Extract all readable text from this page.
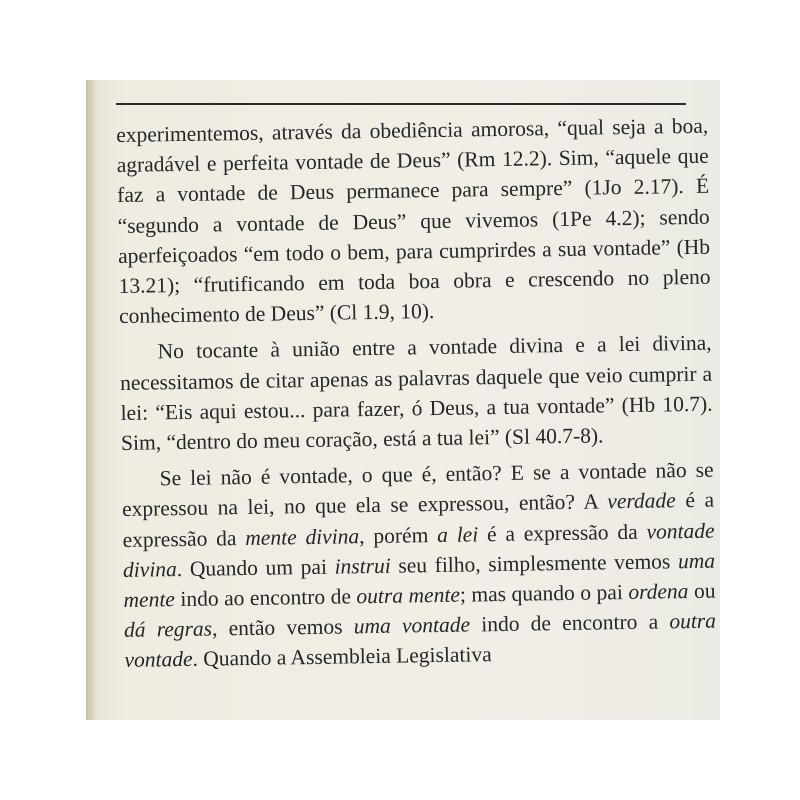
experimentemos, através da obediência amorosa, “qual seja a boa, agradável e perfeita vontade de Deus” (Rm 12.2). Sim, “aquele que faz a vontade de Deus permanece para sempre” (1Jo 2.17). É “segundo a vontade de Deus” que vivemos (1Pe 4.2); sendo aperfeiçoados “em todo o bem, para cumprirdes a sua vontade” (Hb 13.21); “frutificando em toda boa obra e crescendo no pleno conhecimento de Deus” (Cl 1.9, 10).

No tocante à união entre a vontade divina e a lei divina, necessitamos de citar apenas as palavras daquele que veio cumprir a lei: “Eis aqui estou... para fazer, ó Deus, a tua vontade” (Hb 10.7). Sim, “dentro do meu coração, está a tua lei” (Sl 40.7-8).

Se lei não é vontade, o que é, então? E se a vontade não se expressou na lei, no que ela se expressou, então? A verdade é a expressão da mente divina, porém a lei é a expressão da vontade divina. Quando um pai instrui seu filho, simplesmente vemos uma mente indo ao encontro de outra mente; mas quando o pai ordena ou dá regras, então vemos uma vontade indo de encontro a outra vontade. Quando a Assembleia Legislativa
